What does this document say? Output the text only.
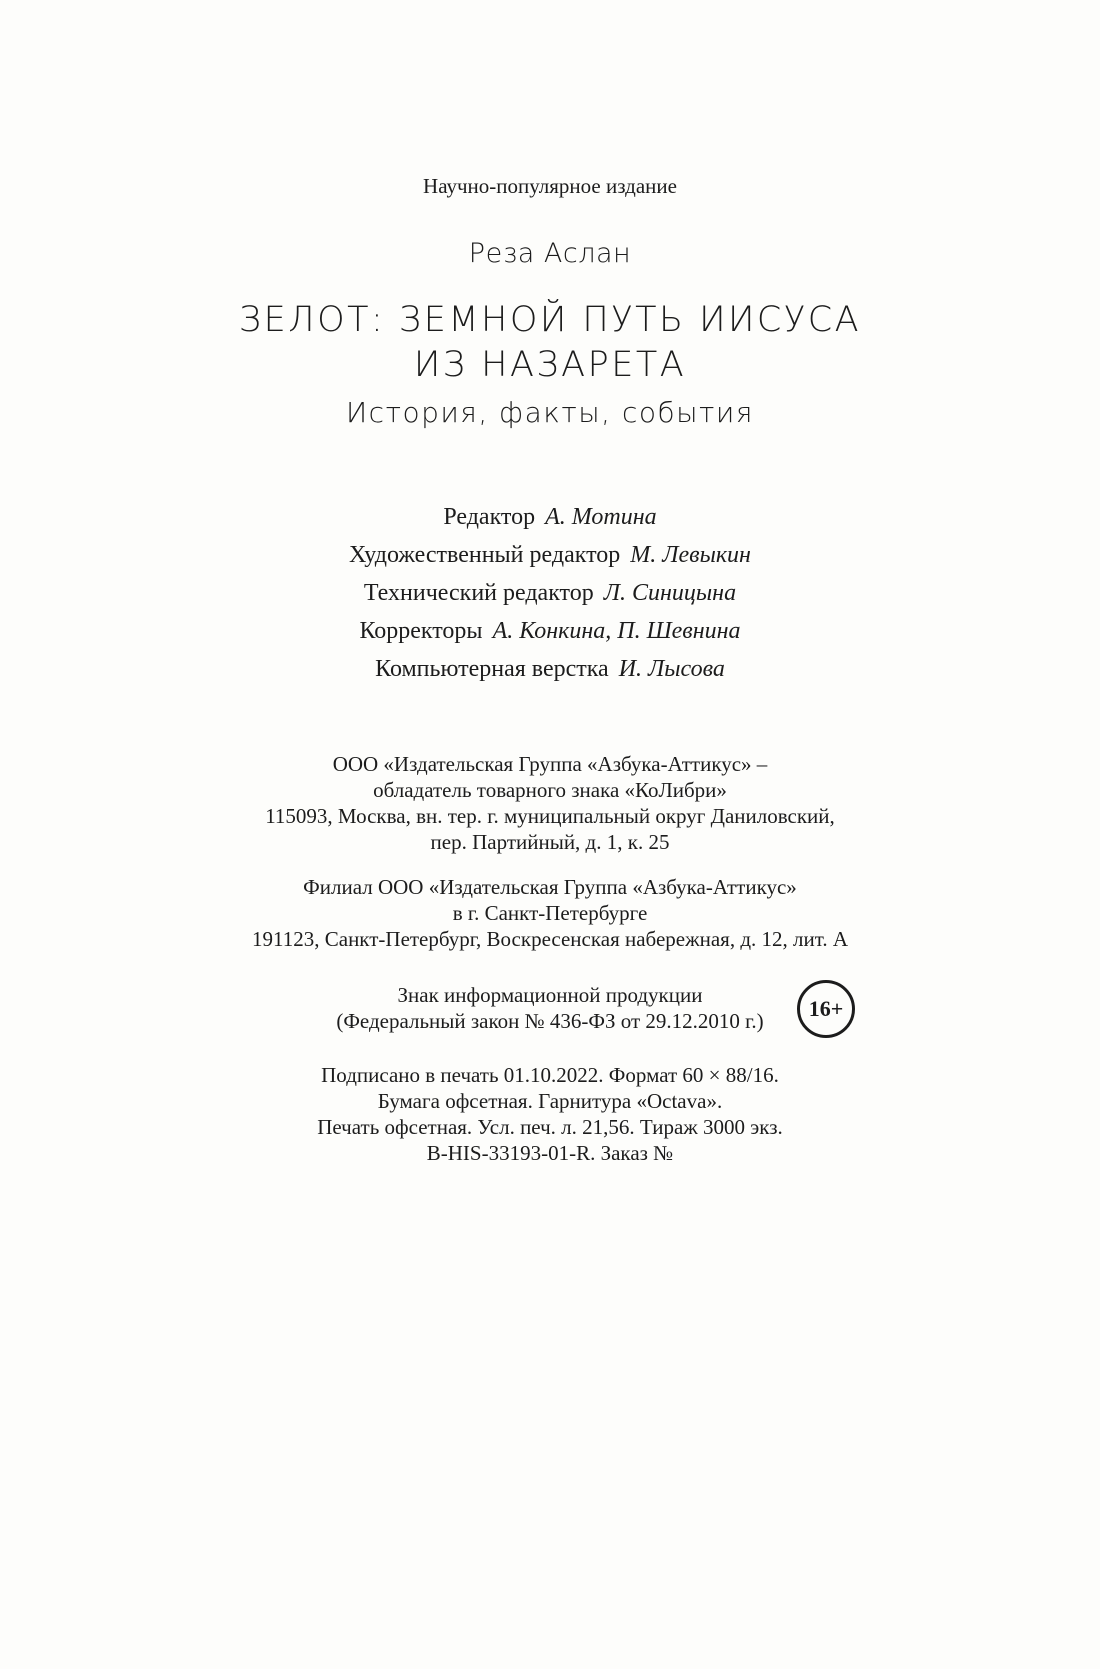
Научно-популярное издание
Реза Аслан
ЗЕЛОТ: ЗЕМНОЙ ПУТЬ ИИСУСА
ИЗ НАЗАРЕТА
История, факты, события
Редактор А. Мотина
Художественный редактор М. Левыкин
Технический редактор Л. Синицына
Корректоры А. Конкина, П. Шевнина
Компьютерная верстка И. Лысова
ООО «Издательская Группа «Азбука-Аттикус» –
обладатель товарного знака «КоЛибри»
115093, Москва, вн. тер. г. муниципальный округ Даниловский,
пер. Партийный, д. 1, к. 25
Филиал ООО «Издательская Группа «Азбука-Аттикус»
в г. Санкт-Петербурге
191123, Санкт-Петербург, Воскресенская набережная, д. 12, лит. А
Знак информационной продукции
(Федеральный закон № 436-ФЗ от 29.12.2010 г.)	16+
Подписано в печать 01.10.2022. Формат 60 × 88/16.
Бумага офсетная. Гарнитура «Octava».
Печать офсетная. Усл. печ. л. 21,56. Тираж 3000 экз.
B-HIS-33193-01-R. Заказ №
